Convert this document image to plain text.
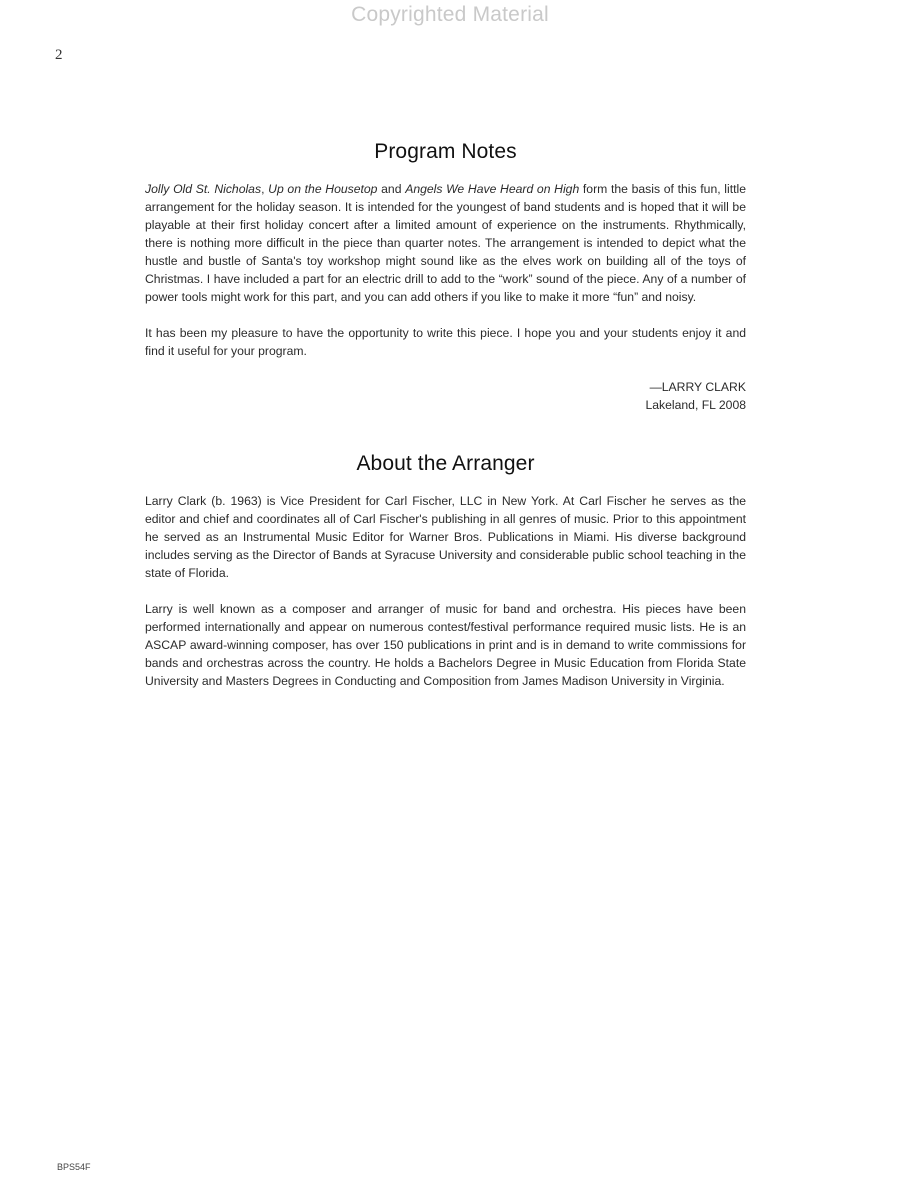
Copyrighted Material
2
Program Notes

Jolly Old St. Nicholas, Up on the Housetop and Angels We Have Heard on High form the basis of this fun, little arrangement for the holiday season. It is intended for the youngest of band students and is hoped that it will be playable at their first holiday concert after a limited amount of experience on the instruments. Rhythmically, there is nothing more difficult in the piece than quarter notes. The arrangement is intended to depict what the hustle and bustle of Santa's toy workshop might sound like as the elves work on building all of the toys of Christmas. I have included a part for an electric drill to add to the “work” sound of the piece. Any of a number of power tools might work for this part, and you can add others if you like to make it more “fun” and noisy.

It has been my pleasure to have the opportunity to write this piece. I hope you and your students enjoy it and find it useful for your program.

—LARRY CLARK
Lakeland, FL 2008
About the Arranger

Larry Clark (b. 1963) is Vice President for Carl Fischer, LLC in New York. At Carl Fischer he serves as the editor and chief and coordinates all of Carl Fischer's publishing in all genres of music. Prior to this appointment he served as an Instrumental Music Editor for Warner Bros. Publications in Miami. His diverse background includes serving as the Director of Bands at Syracuse University and considerable public school teaching in the state of Florida.

Larry is well known as a composer and arranger of music for band and orchestra. His pieces have been performed internationally and appear on numerous contest/festival performance required music lists. He is an ASCAP award-winning composer, has over 150 publications in print and is in demand to write commissions for bands and orchestras across the country. He holds a Bachelors Degree in Music Education from Florida State University and Masters Degrees in Conducting and Composition from James Madison University in Virginia.

BPS54F
